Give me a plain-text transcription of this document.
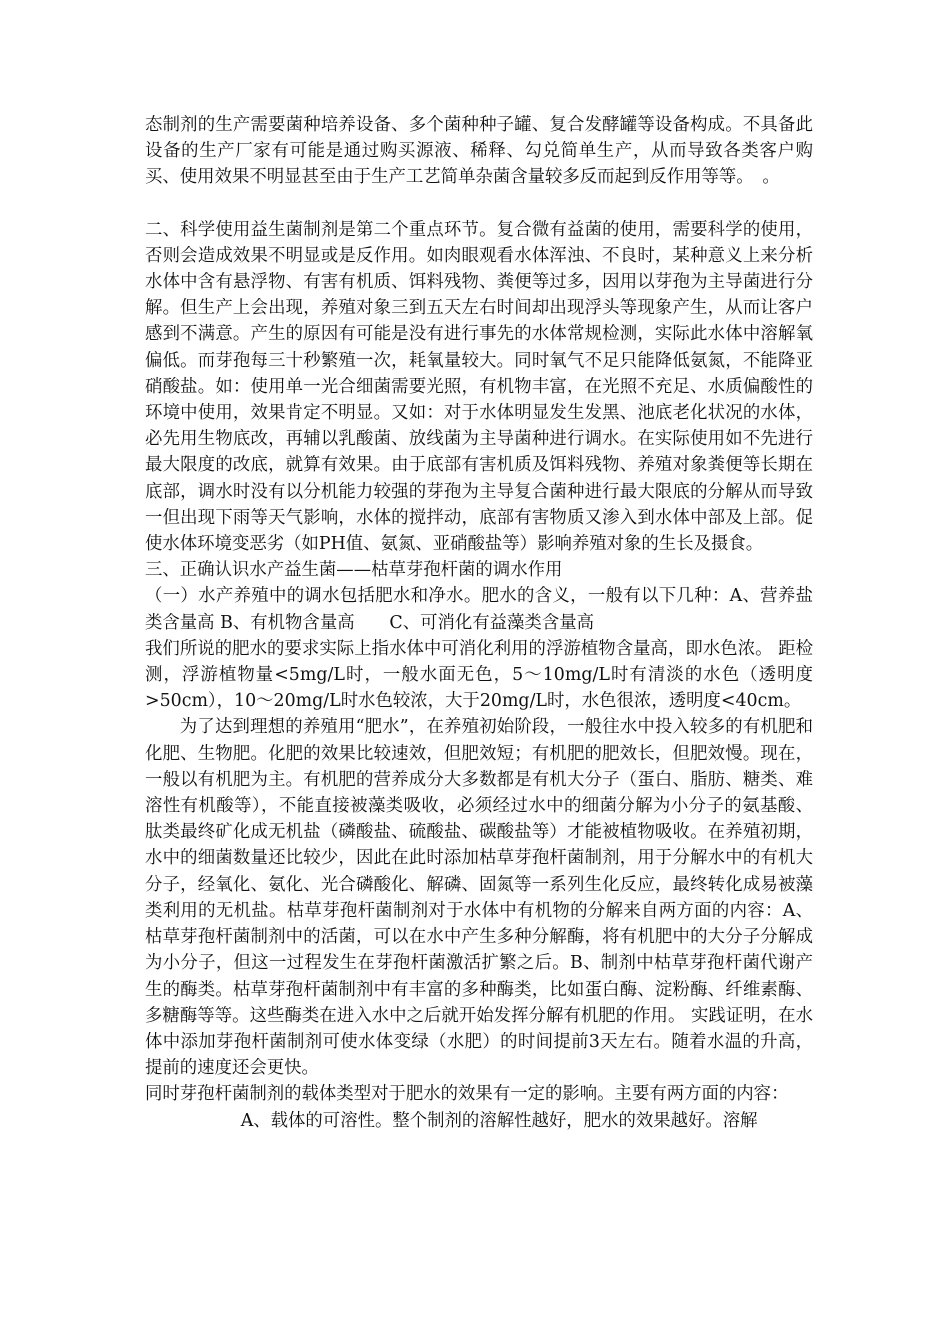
态制剂的生产需要菌种培养设备、多个菌种种子罐、复合发酵罐等设备构成。不具备此设备的生产厂家有可能是通过购买源液、稀释、勾兑简单生产，从而导致各类客户购买、使用效果不明显甚至由于生产工艺简单杂菌含量较多反而起到反作用等等。　。

二、科学使用益生菌制剂是第二个重点环节。复合微有益菌的使用，需要科学的使用，否则会造成效果不明显或是反作用。如肉眼观看水体浑浊、不良时，某种意义上来分析水体中含有悬浮物、有害有机质、饵料残物、粪便等过多，因用以芽孢为主导菌进行分解。但生产上会出现，养殖对象三到五天左右时间却出现浮头等现象产生，从而让客户感到不满意。产生的原因有可能是没有进行事先的水体常规检测，实际此水体中溶解氧偏低。而芽孢每三十秒繁殖一次，耗氧量较大。同时氧气不足只能降低氨氮，不能降亚硝酸盐。如：使用单一光合细菌需要光照，有机物丰富，在光照不充足、水质偏酸性的环境中使用，效果肯定不明显。又如：对于水体明显发生发黑、池底老化状况的水体，必先用生物底改，再辅以乳酸菌、放线菌为主导菌种进行调水。在实际使用如不先进行最大限度的改底，就算有效果。由于底部有害机质及饵料残物、养殖对象粪便等长期在底部，调水时没有以分机能力较强的芽孢为主导复合菌种进行最大限底的分解从而导致一但出现下雨等天气影响，水体的搅拌动，底部有害物质又渗入到水体中部及上部。促使水体环境变恶劣（如PH值、氨氮、亚硝酸盐等）影响养殖对象的生长及摄食。

三、正确认识水产益生菌——枯草芽孢杆菌的调水作用

（一）水产养殖中的调水包括肥水和净水。肥水的含义，一般有以下几种：A、营养盐类含量高 B、有机物含量高　　C、可消化有益藻类含量高

我们所说的肥水的要求实际上指水体中可消化利用的浮游植物含量高，即水色浓。 距检测，浮游植物量<5mg/L时，一般水面无色，5～10mg/L时有清淡的水色（透明度>50cm），10～20mg/L时水色较浓，大于20mg/L时，水色很浓，透明度<40cm。

为了达到理想的养殖用“肥水”，在养殖初始阶段，一般往水中投入较多的有机肥和化肥、生物肥。化肥的效果比较速效，但肥效短；有机肥的肥效长，但肥效慢。现在，一般以有机肥为主。有机肥的营养成分大多数都是有机大分子（蛋白、脂肪、糖类、难溶性有机酸等），不能直接被藻类吸收，必须经过水中的细菌分解为小分子的氨基酸、肽类最终矿化成无机盐（磷酸盐、硫酸盐、碳酸盐等）才能被植物吸收。在养殖初期，水中的细菌数量还比较少，因此在此时添加枯草芽孢杆菌制剂，用于分解水中的有机大分子，经氧化、氨化、光合磷酸化、解磷、固氮等一系列生化反应，最终转化成易被藻类利用的无机盐。枯草芽孢杆菌制剂对于水体中有机物的分解来自两方面的内容：A、枯草芽孢杆菌制剂中的活菌，可以在水中产生多种分解酶，将有机肥中的大分子分解成为小分子，但这一过程发生在芽孢杆菌激活扩繁之后。B、制剂中枯草芽孢杆菌代谢产生的酶类。枯草芽孢杆菌制剂中有丰富的多种酶类，比如蛋白酶、淀粉酶、纤维素酶、多糖酶等等。这些酶类在进入水中之后就开始发挥分解有机肥的作用。 实践证明，在水体中添加芽孢杆菌制剂可使水体变绿（水肥）的时间提前3天左右。随着水温的升高，提前的速度还会更快。

同时芽孢杆菌制剂的载体类型对于肥水的效果有一定的影响。主要有两方面的内容：

A、载体的可溶性。整个制剂的溶解性越好，肥水的效果越好。溶解
